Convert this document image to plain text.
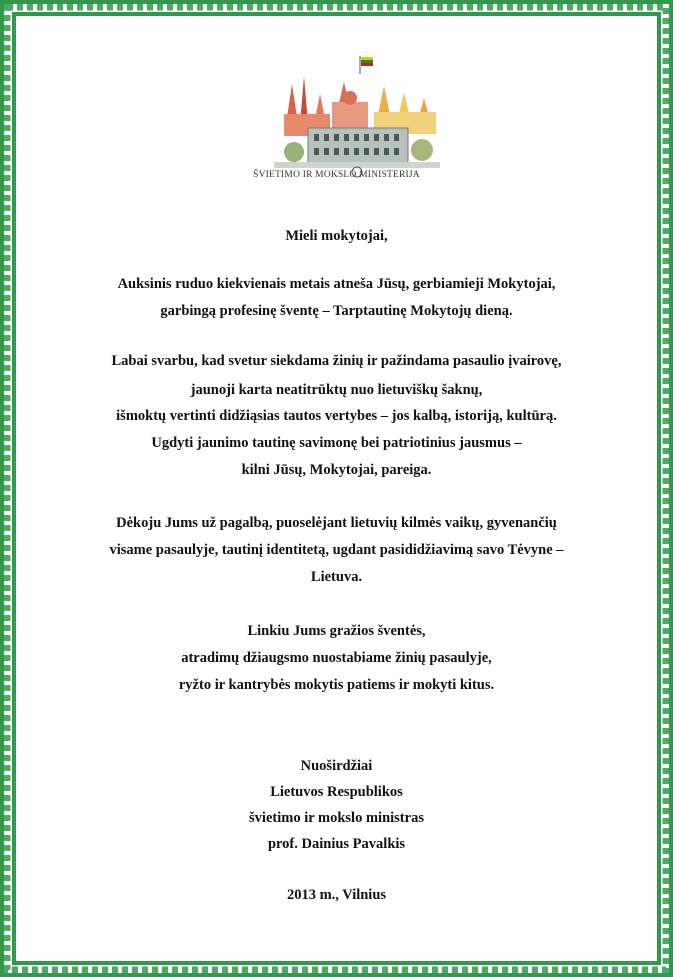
ŠVIETIMO IR MOKSLO MINISTERIJA
Mieli mokytojai,
Auksinis ruduo kiekvienais metais atneša Jūsų, gerbiamieji Mokytojai,
garbingą profesinę šventę – Tarptautinę Mokytojų dieną.
Labai svarbu, kad svetur siekdama žinių ir pažindama pasaulio įvairovę,
jaunoji karta neatitrūktų nuo lietuviškų šaknų,
išmoktų vertinti didžiąsias tautos vertybes – jos kalbą, istoriją, kultūrą.
Ugdyti jaunimo tautinę savimonę bei patriotinius jausmus –
kilni Jūsų, Mokytojai, pareiga.
Dėkoju Jums už pagalbą, puoselėjant lietuvių kilmės vaikų, gyvenančių
visame pasaulyje, tautinį identitetą, ugdant pasididžiavimą savo Tėvyne –
Lietuva.
Linkiu Jums gražios šventės,
atradimų džiaugsmo nuostabiame žinių pasaulyje,
ryžto ir kantrybės mokytis patiems ir mokyti kitus.
Nuoširdžiai
Lietuvos Respublikos
švietimo ir mokslo ministras
prof. Dainius Pavalkis
2013 m., Vilnius
